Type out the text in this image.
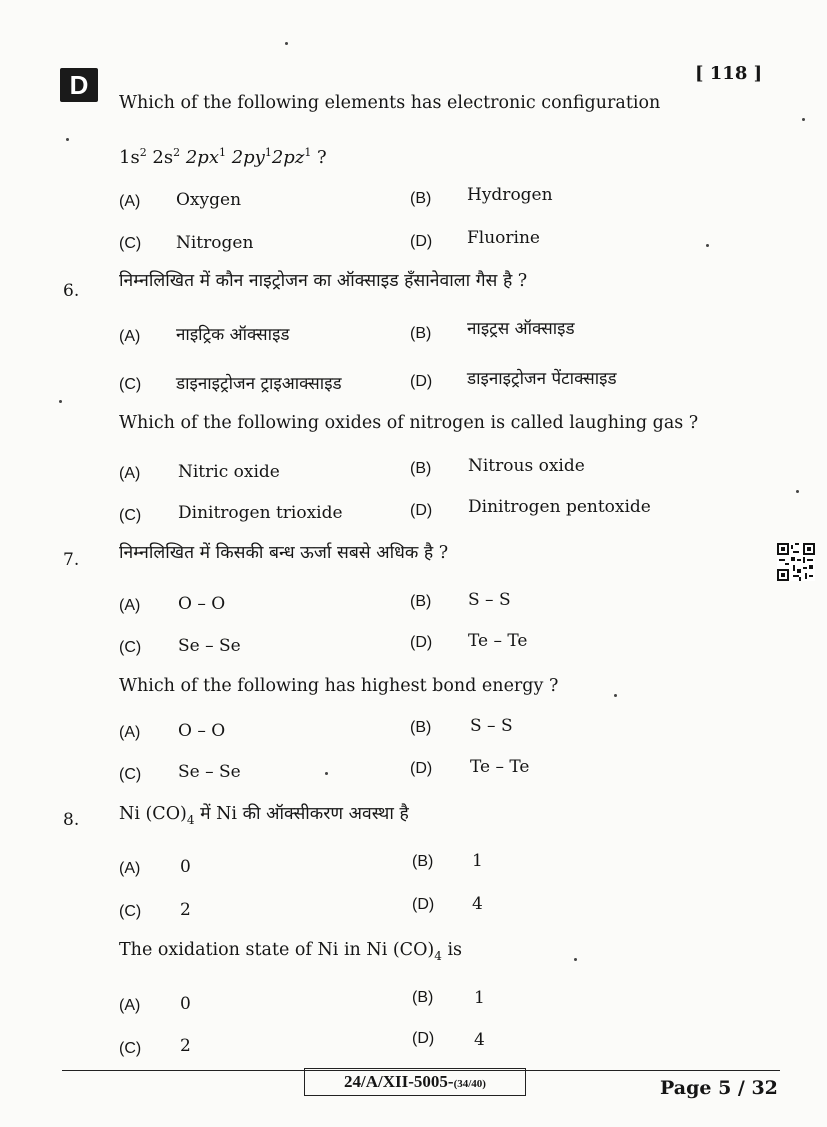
D	[ 118 ]
Which of the following elements has electronic configuration
$1s^2$ $2s^2$ $2px^1$ $2py^12pz^1$ ?
(A) Oxygen	(B) Hydrogen
(C) Nitrogen	(D) Fluorine
6. निम्नलिखित में कौन नाइट्रोजन का ऑक्साइड हँसानेवाला गैस है ?
(A) नाइट्रिक ऑक्साइड	(B) नाइट्रस ऑक्साइड
(C) डाइनाइट्रोजन ट्राइआक्साइड	(D) डाइनाइट्रोजन पेंटाक्साइड
Which of the following oxides of nitrogen is called laughing gas ?
(A) Nitric oxide	(B) Nitrous oxide
(C) Dinitrogen trioxide	(D) Dinitrogen pentoxide
7. निम्नलिखित में किसकी बन्ध ऊर्जा सबसे अधिक है ?
(A) O – O	(B) S – S
(C) Se – Se	(D) Te – Te
Which of the following has highest bond energy ?
(A) O – O	(B) S – S
(C) Se – Se	(D) Te – Te
8. Ni $(CO)_4$ में Ni की ऑक्सीकरण अवस्था है
(A) 0	(B) 1
(C) 2	(D) 4
The oxidation state of Ni in Ni $(CO)_4$ is
(A) 0	(B) 1
(C) 2	(D) 4
24/A/XII-5005-(34/40)	Page 5 / 32
